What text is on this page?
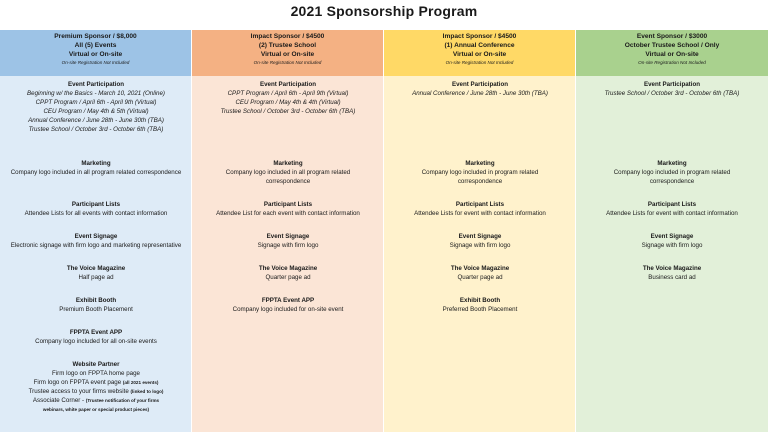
2021 Sponsorship Program
Premium Sponsor / $8,000
All (5) Events
Virtual or On-site
On-site Registration Not Included
Event Participation
Beginning w/ the Basics - March 10, 2021 (Online)
CPPT Program / April 6th - April 9th (Virtual)
CEU Program / May 4th & 5th (Virtual)
Annual Conference / June 28th - June 30th (TBA)
Trustee School / October 3rd - October 6th (TBA)
Marketing
Company logo included in all program related correspondence
Participant Lists
Attendee Lists for all events with contact information
Event Signage
Electronic signage with firm logo and marketing representative
The Voice Magazine
Half page ad
Exhibit Booth
Premium Booth Placement
FPPTA Event APP
Company logo included for all on-site events
Website Partner
Firm logo on FPPTA home page
Firm logo on FPPTA event page (all 2021 events)
Trustee access to your firms website (linked to logo)
Associate Corner - (Trustee notification of your firms
webinars, white paper or special product pieces)
Impact Sponsor / $4500
(2) Trustee School
Virtual or On-site
On-site Registration Not Included
Event Participation
CPPT Program / April 6th - April 9th (Virtual)
CEU Program / May 4th & 4th (Virtual)
Trustee School / October 3rd - October 6th (TBA)
Marketing
Company logo included in all program related
correspondence
Participant Lists
Attendee List for each event with contact information
Event Signage
Signage with firm logo
The Voice Magazine
Quarter page ad
FPPTA Event APP
Company logo included for on-site event
Impact Sponsor / $4500
(1) Annual Conference
Virtual or On-site
On-site Registration Not Included
Event Participation
Annual Conference / June 28th - June 30th (TBA)
Marketing
Company logo included in program related
correspondence
Participant Lists
Attendee Lists for event with contact information
Event Signage
Signage with firm logo
The Voice Magazine
Quarter page ad
Exhibit Booth
Preferred Booth Placement
Event Sponsor / $3000
October Trustee School / Only
Virtual or On-site
On-site Registration Not Included
Event Participation
Trustee School / October 3rd - October 6th (TBA)
Marketing
Company logo included in program related
correspondence
Participant Lists
Attendee Lists for event with contact information
Event Signage
Signage with firm logo
The Voice Magazine
Business card ad
